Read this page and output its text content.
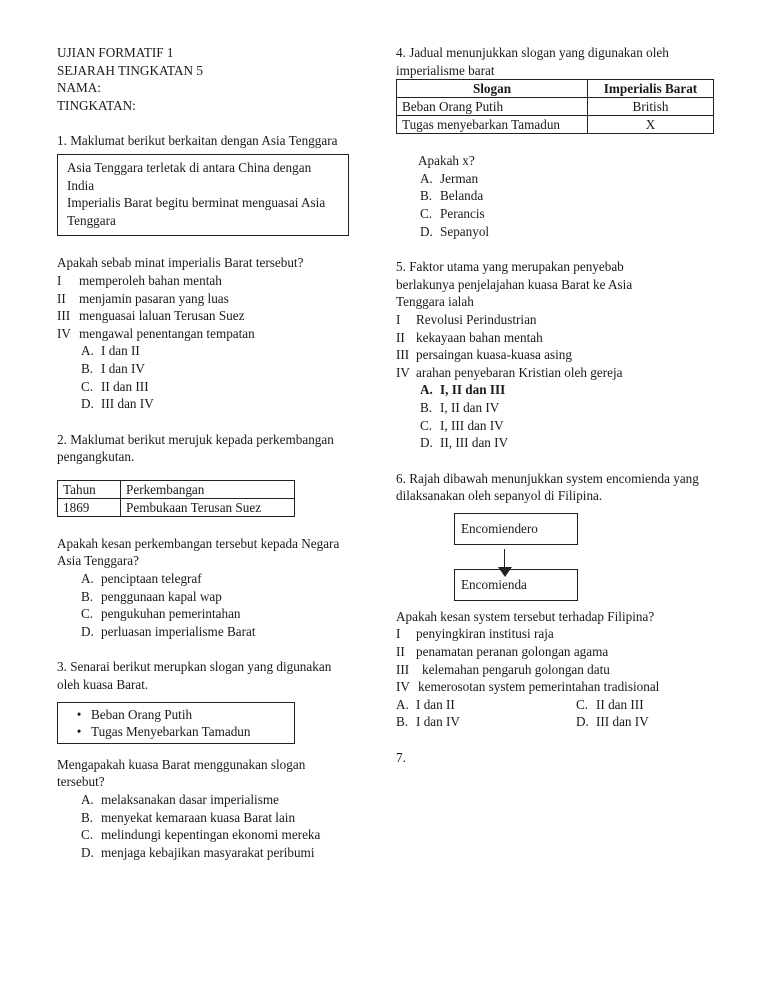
UJIAN FORMATIF 1

SEJARAH TINGKATAN 5

NAMA:

TINGKATAN:

1. Maklumat berikut berkaitan dengan Asia Tenggara

Asia Tenggara terletak di antara China dengan India

Imperialis Barat begitu berminat menguasai Asia Tenggara

Apakah sebab minat imperialis Barat tersebut?

I	memperoleh bahan mentah
II	menjamin pasaran yang luas
III menguasai laluan Terusan Suez
IV mengawal penentangan tempatan
A. I dan II
B. I dan IV
C. II dan III
D. III dan IV

2. Maklumat berikut merujuk kepada perkembangan pengangkutan.

Tahun	Perkembangan
1869	Pembukaan Terusan Suez

Apakah kesan perkembangan tersebut kepada Negara Asia Tenggara?

A. penciptaan telegraf
B. penggunaan kapal wap
C. pengukuhan pemerintahan
D. perluasan imperialisme Barat

3. Senarai berikut merupkan slogan yang digunakan oleh kuasa Barat.

• Beban Orang Putih
• Tugas Menyebarkan Tamadun

Mengapakah kuasa Barat menggunakan slogan tersebut?

A. melaksanakan dasar imperialisme
B. menyekat kemaraan kuasa Barat lain
C. melindungi kepentingan ekonomi mereka
D. menjaga kebajikan masyarakat peribumi

4. Jadual menunjukkan slogan yang digunakan oleh imperialisme barat

Slogan	Imperialis Barat
Beban Orang Putih	British
Tugas menyebarkan Tamadun	X

Apakah x?

A. Jerman
B. Belanda
C. Perancis
D. Sepanyol

5. Faktor utama yang merupakan penyebab berlakunya penjelajahan kuasa Barat ke Asia Tenggara ialah

I	Revolusi Perindustrian
II kekayaan bahan mentah
III persaingan kuasa-kuasa asing
IV arahan penyebaran Kristian oleh gereja
A. I, II dan III
B. I, II dan IV
C. I, III dan IV
D. II, III dan IV

6. Rajah dibawah menunjukkan system encomienda yang dilaksanakan oleh sepanyol di Filipina.

Encomiendero
Encomienda

Apakah kesan system tersebut terhadap Filipina?

I	penyingkiran institusi raja
II penamatan peranan golongan agama
III kelemahan pengaruh golongan datu
IV kemerosotan system pemerintahan tradisional
A. I dan II	C. II dan III
B. I dan IV	D. III dan IV

7.
